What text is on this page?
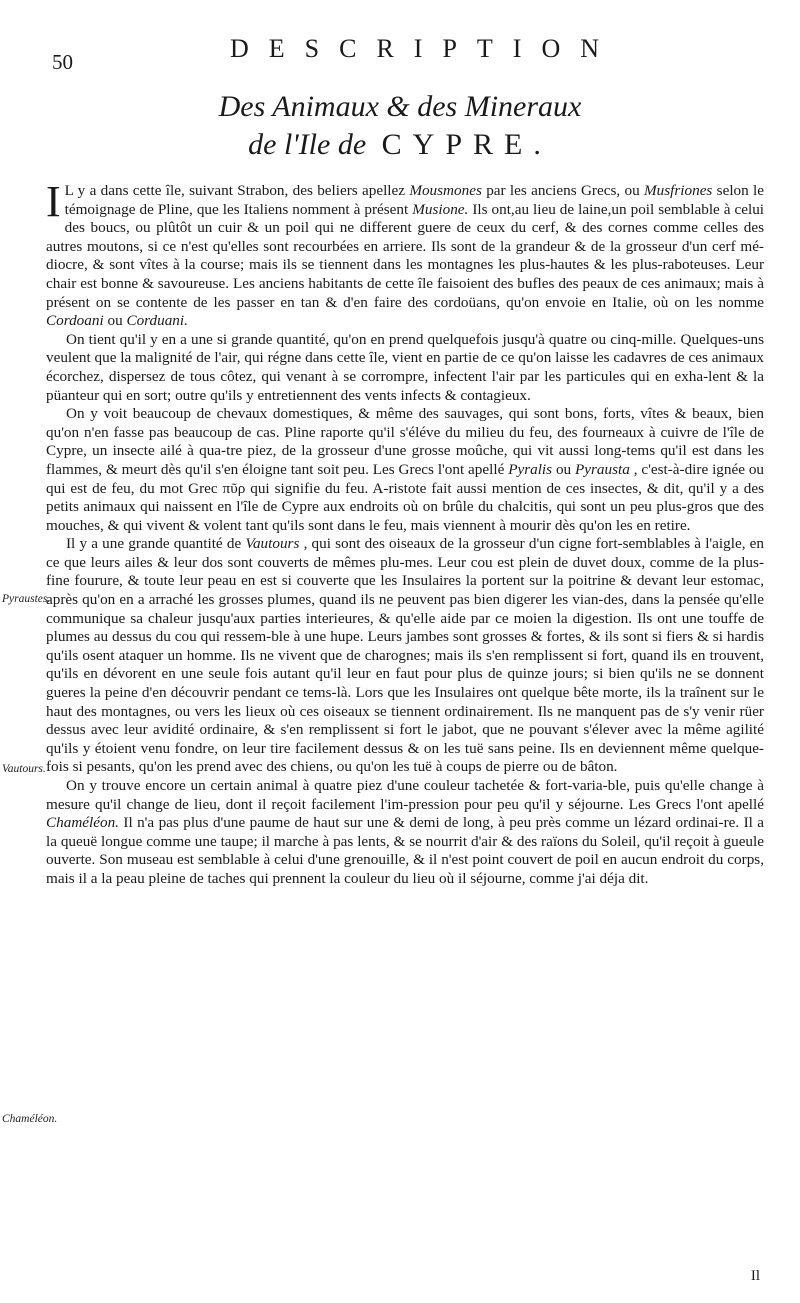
50	DESCRIPTION
Des Animaux & des Mineraux
de l'Ile de CYPRE.
Pyraustes.
Vautours.
Chaméléon.

I L y a dans cette île, suivant Strabon, des beliers apellez Mousmones par les anciens Grecs, ou Musfriones selon le témoignage de Pline, que les Italiens nomment à présent Musione. Ils ont,au lieu de laine,un poil semblable à celui des boucs, ou plûtôt un cuir & un poil qui ne different guere de ceux du cerf, & des cornes comme celles des autres moutons, si ce n'est qu'elles sont recourbées en arriere. Ils sont de la grandeur & de la grosseur d'un cerf mé-diocre, & sont vîtes à la course; mais ils se tiennent dans les montagnes les plus-hautes & les plus-raboteuses. Leur chair est bonne & savoureuse. Les anciens habitants de cette île faisoient des bufles des peaux de ces animaux; mais à présent on se contente de les passer en tan & d'en faire des cordoüans, qu'on envoie en Italie, où on les nomme Cordoani ou Corduani.

On tient qu'il y en a une si grande quantité, qu'on en prend quelquefois jusqu'à quatre ou cinq-mille. Quelques-uns veulent que la malignité de l'air, qui régne dans cette île, vient en partie de ce qu'on laisse les cadavres de ces animaux écorchez, dispersez de tous côtez, qui venant à se corrompre, infectent l'air par les particules qui en exha-lent & la püanteur qui en sort; outre qu'ils y entretiennent des vents infects & contagieux.

On y voit beaucoup de chevaux domestiques, & même des sauvages, qui sont bons, forts, vîtes & beaux, bien qu'on n'en fasse pas beaucoup de cas. Pline raporte qu'il s'éléve du milieu du feu, des fourneaux à cuivre de l'île de Cypre, un insecte ailé à qua-tre piez, de la grosseur d'une grosse moûche, qui vit aussi long-tems qu'il est dans les flammes, & meurt dès qu'il s'en éloigne tant soit peu. Les Grecs l'ont apellé Pyralis ou Pyrausta , c'est-à-dire ignée ou qui est de feu, du mot Grec πῦρ qui signifie du feu. A-ristote fait aussi mention de ces insectes, & dit, qu'il y a des petits animaux qui naissent en l'île de Cypre aux endroits où on brûle du chalcitis, qui sont un peu plus-gros que des mouches, & qui vivent & volent tant qu'ils sont dans le feu, mais viennent à mourir dès qu'on les en retire.

Il y a une grande quantité de Vautours , qui sont des oiseaux de la grosseur d'un cigne fort-semblables à l'aigle, en ce que leurs ailes & leur dos sont couverts de mêmes plu-mes. Leur cou est plein de duvet doux, comme de la plus-fine fourure, & toute leur peau en est si couverte que les Insulaires la portent sur la poitrine & devant leur estomac, après qu'on en a arraché les grosses plumes, quand ils ne peuvent pas bien digerer les vian-des, dans la pensée qu'elle communique sa chaleur jusqu'aux parties interieures, & qu'elle aide par ce moien la digestion. Ils ont une touffe de plumes au dessus du cou qui ressem-ble à une hupe. Leurs jambes sont grosses & fortes, & ils sont si fiers & si hardis qu'ils osent ataquer un homme. Ils ne vivent que de charognes; mais ils s'en remplissent si fort, quand ils en trouvent, qu'ils en dévorent en une seule fois autant qu'il leur en faut pour plus de quinze jours; si bien qu'ils ne se donnent gueres la peine d'en découvrir pendant ce tems-là. Lors que les Insulaires ont quelque bête morte, ils la traînent sur le haut des montagnes, ou vers les lieux où ces oiseaux se tiennent ordinairement. Ils ne manquent pas de s'y venir rüer dessus avec leur avidité ordinaire, & s'en remplissent si fort le jabot, que ne pouvant s'élever avec la même agilité qu'ils y étoient venu fondre, on leur tire facilement dessus & on les tuë sans peine. Ils en deviennent même quelque-fois si pesants, qu'on les prend avec des chiens, ou qu'on les tuë à coups de pierre ou de bâton.

On y trouve encore un certain animal à quatre piez d'une couleur tachetée & fort-varia-ble, puis qu'elle change à mesure qu'il change de lieu, dont il reçoit facilement l'im-pression pour peu qu'il y séjourne. Les Grecs l'ont apellé Chaméléon. Il n'a pas plus d'une paume de haut sur une & demi de long, à peu près comme un lézard ordinai-re. Il a la queuë longue comme une taupe; il marche à pas lents, & se nourrit d'air & des raïons du Soleil, qu'il reçoit à gueule ouverte. Son museau est semblable à celui d'une grenouille, & il n'est point couvert de poil en aucun endroit du corps, mais il a la peau pleine de taches qui prennent la couleur du lieu où il séjourne, comme j'ai déja dit.

Il
